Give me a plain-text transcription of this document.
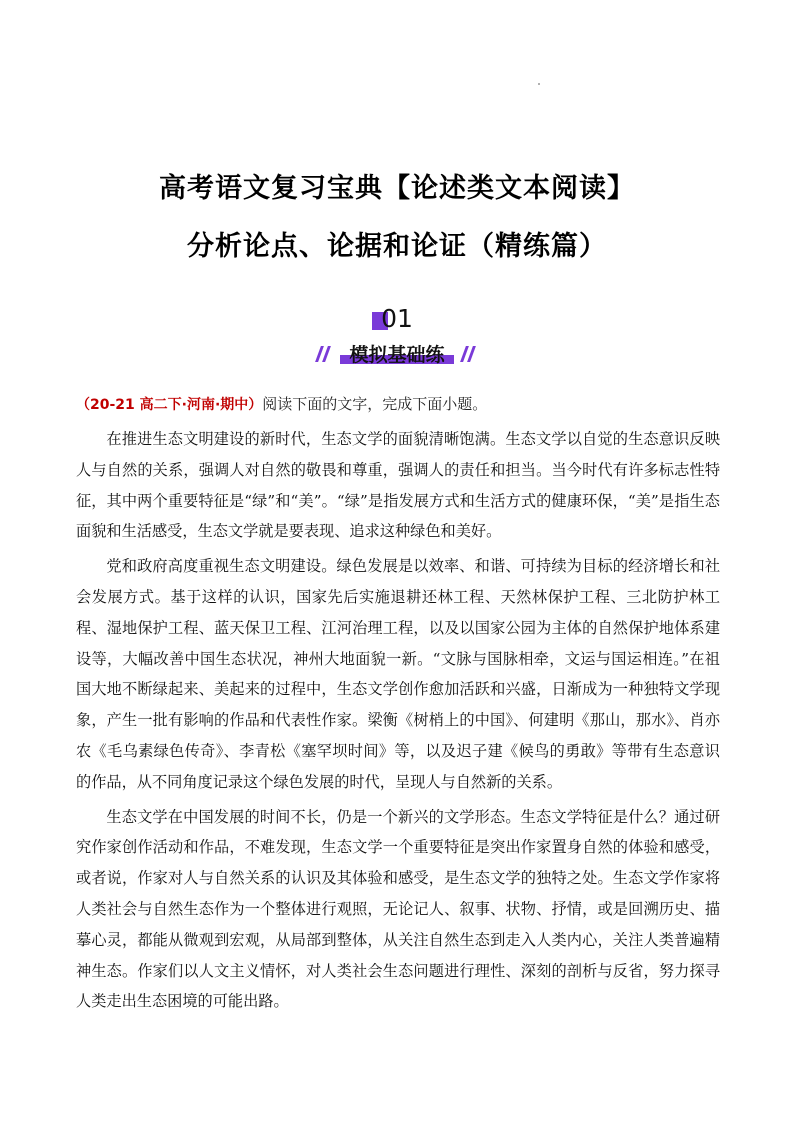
高考语文复习宝典【论述类文本阅读】
分析论点、论据和论证（精练篇）
01
模拟基础练
（20-21 高二下·河南·期中）阅读下面的文字，完成下面小题。

在推进生态文明建设的新时代，生态文学的面貌清晰饱满。生态文学以自觉的生态意识反映人与自然的关系，强调人对自然的敬畏和尊重，强调人的责任和担当。当今时代有许多标志性特征，其中两个重要特征是“绿”和“美”。“绿”是指发展方式和生活方式的健康环保，“美”是指生态面貌和生活感受，生态文学就是要表现、追求这种绿色和美好。

党和政府高度重视生态文明建设。绿色发展是以效率、和谐、可持续为目标的经济增长和社会发展方式。基于这样的认识，国家先后实施退耕还林工程、天然林保护工程、三北防护林工程、湿地保护工程、蓝天保卫工程、江河治理工程，以及以国家公园为主体的自然保护地体系建设等，大幅改善中国生态状况，神州大地面貌一新。“文脉与国脉相牵，文运与国运相连。”在祖国大地不断绿起来、美起来的过程中，生态文学创作愈加活跃和兴盛，日渐成为一种独特文学现象，产生一批有影响的作品和代表性作家。梁衡《树梢上的中国》、何建明《那山，那水》、肖亦农《毛乌素绿色传奇》、李青松《塞罕坝时间》等，以及迟子建《候鸟的勇敢》等带有生态意识的作品，从不同角度记录这个绿色发展的时代，呈现人与自然新的关系。

生态文学在中国发展的时间不长，仍是一个新兴的文学形态。生态文学特征是什么？通过研究作家创作活动和作品，不难发现，生态文学一个重要特征是突出作家置身自然的体验和感受，或者说，作家对人与自然关系的认识及其体验和感受，是生态文学的独特之处。生态文学作家将人类社会与自然生态作为一个整体进行观照，无论记人、叙事、状物、抒情，或是回溯历史、描摹心灵，都能从微观到宏观，从局部到整体，从关注自然生态到走入人类内心，关注人类普遍精神生态。作家们以人文主义情怀，对人类社会生态问题进行理性、深刻的剖析与反省，努力探寻人类走出生态困境的可能出路。
